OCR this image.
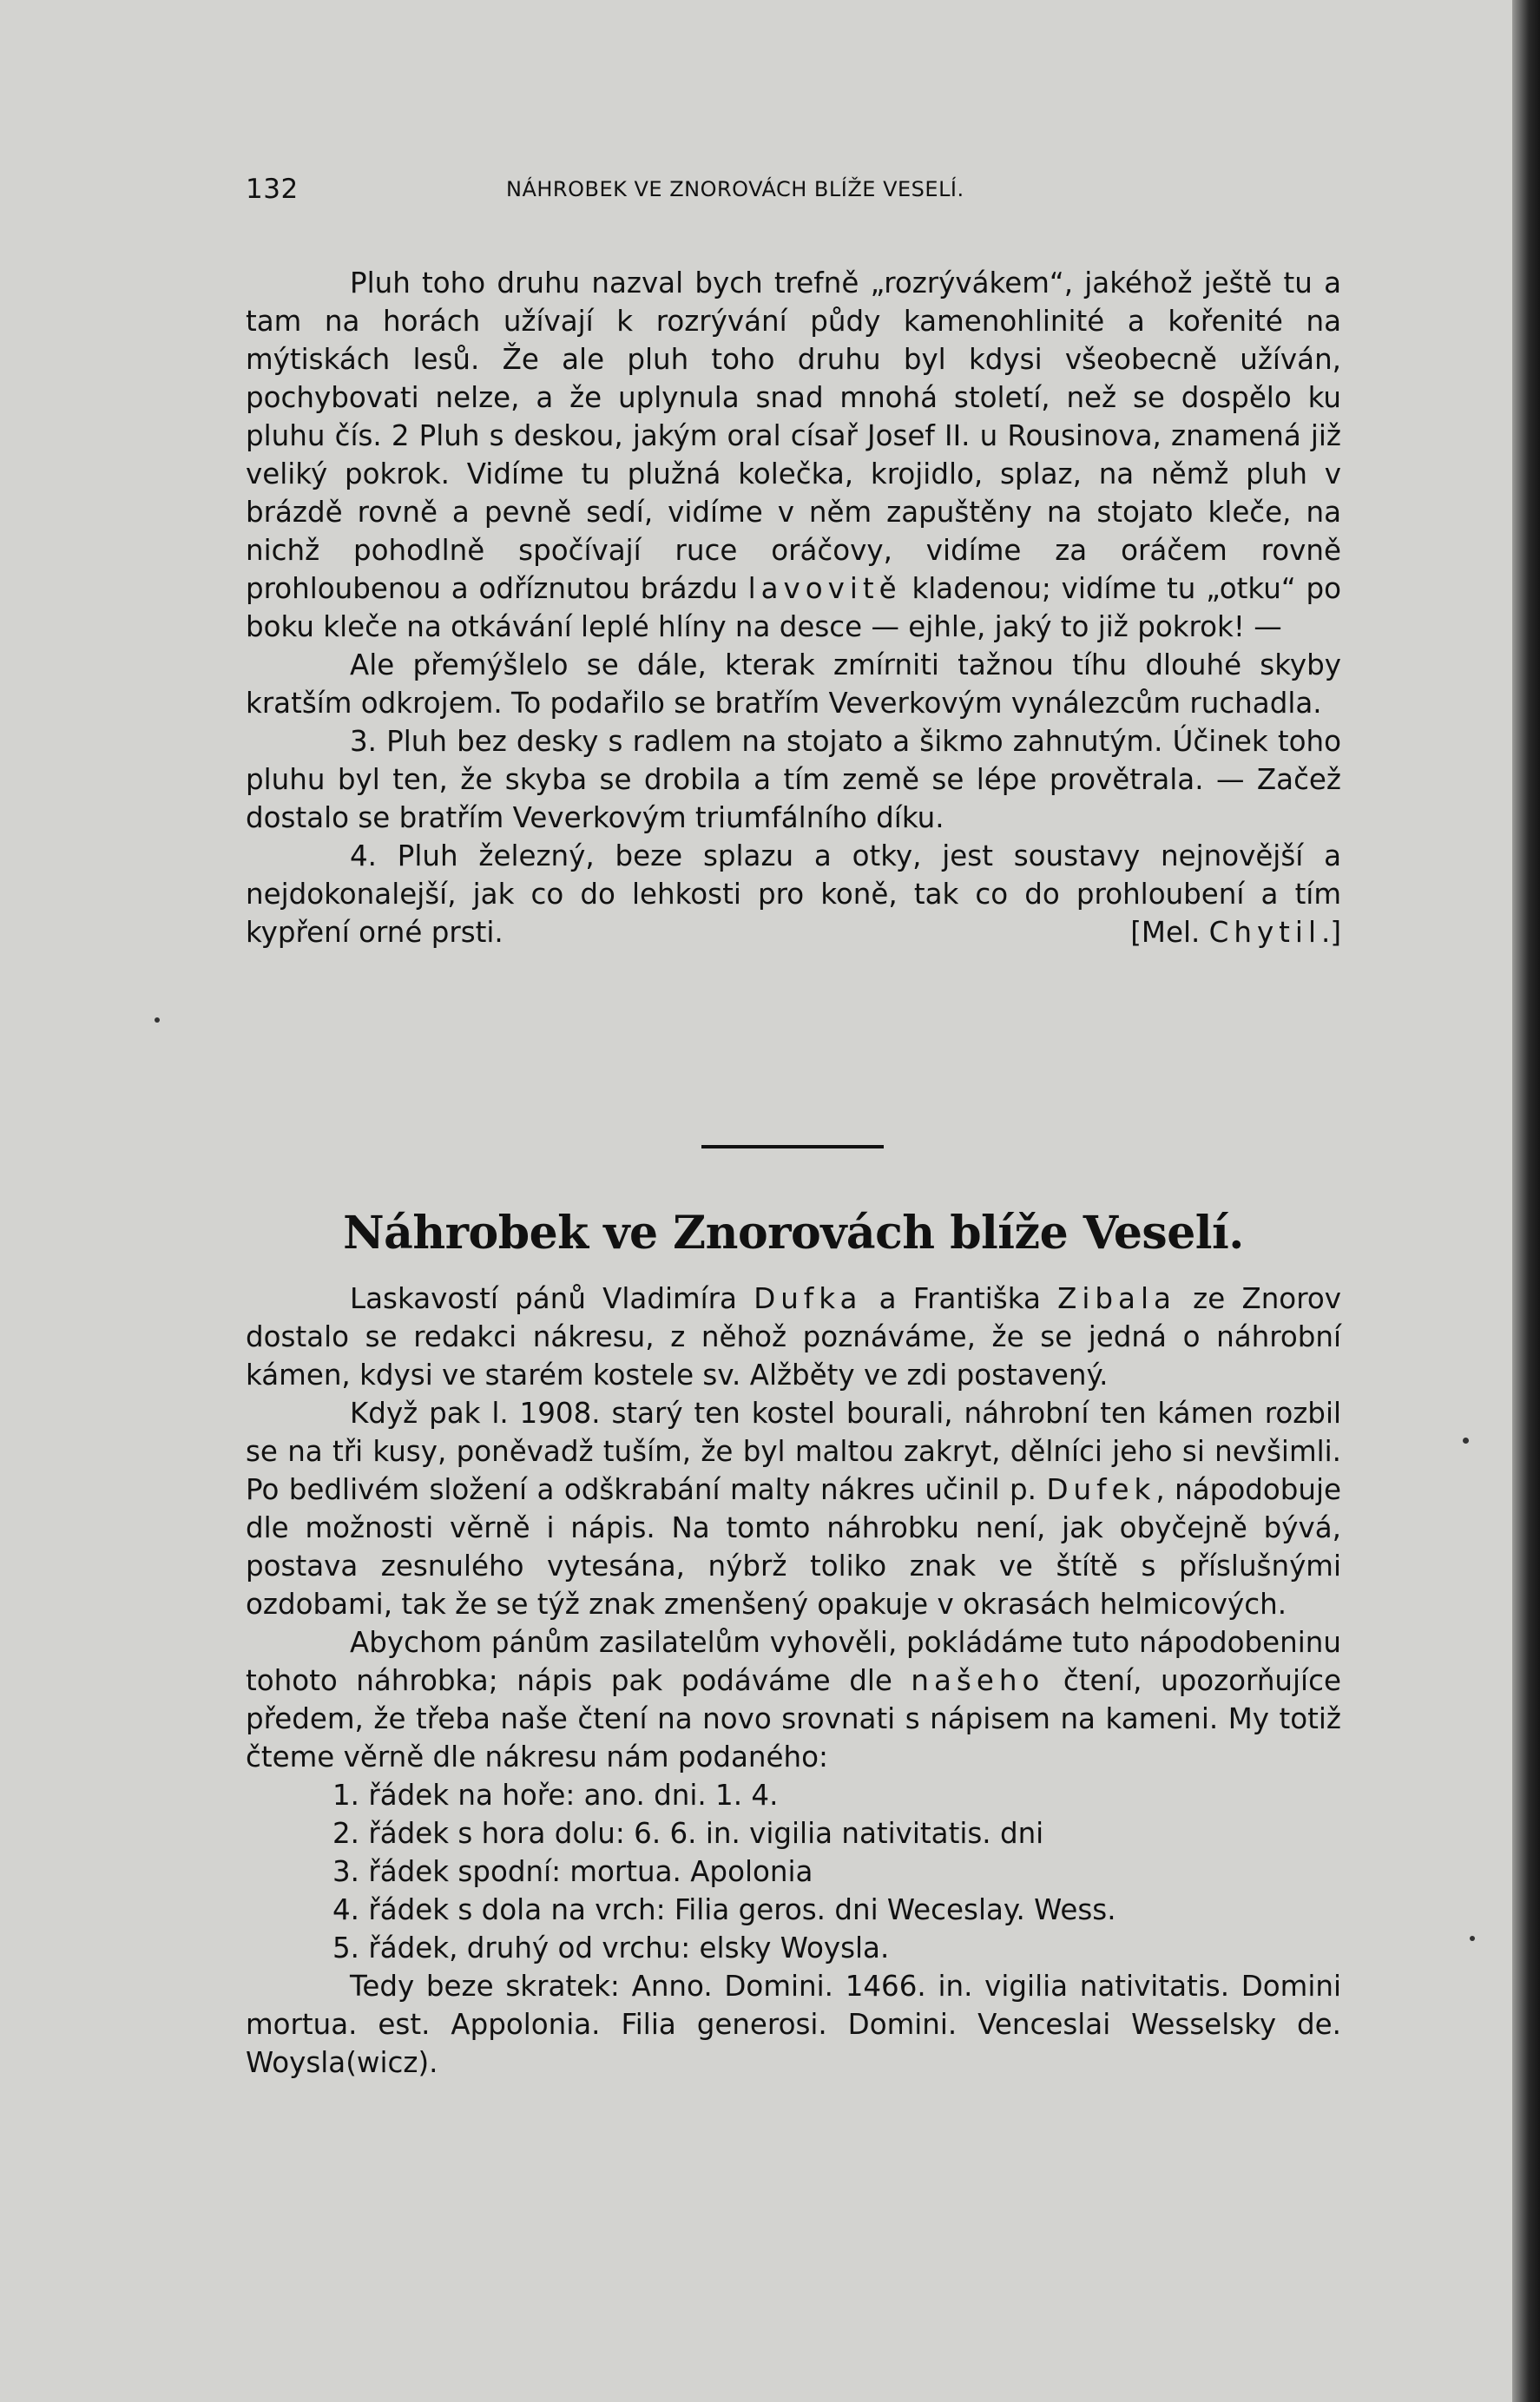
132	NÁHROBEK VE ZNOROVÁCH BLÍŽE VESELÍ.

Pluh toho druhu nazval bych trefně „rozrývákem“, jakéhož ještě tu a tam na horách užívají k rozrývání půdy kamenohlinité a kořenité na mýtiskách lesů. Že ale pluh toho druhu byl kdysi všeobecně užíván, pochybovati nelze, a že uplynula snad mnohá století, než se dospělo ku pluhu čís. 2 Pluh s deskou, jakým oral císař Josef II. u Rousinova, znamená již veliký pokrok. Vidíme tu plužná kolečka, krojidlo, splaz, na němž pluh v brázdě rovně a pevně sedí, vidíme v něm zapuštěny na stojato kleče, na nichž pohodlně spočívají ruce oráčovy, vidíme za oráčem rovně prohloubenou a odříznutou brázdu lavovitě kladenou; vidíme tu „otku“ po boku kleče na otkávání leplé hlíny na desce — ejhle, jaký to již pokrok! —

Ale přemýšlelo se dále, kterak zmírniti tažnou tíhu dlouhé skyby kratším odkrojem. To podařilo se bratřím Veverkovým vynálezcům ruchadla.

3. Pluh bez desky s radlem na stojato a šikmo zahnutým. Účinek toho pluhu byl ten, že skyba se drobila a tím země se lépe provětrala. — Začež dostalo se bratřím Veverkovým triumfálního díku.

4. Pluh železný, beze splazu a otky, jest soustavy nejnovější a nejdokonalejší, jak co do lehkosti pro koně, tak co do prohloubení a tím kypření orné prsti.	[Mel. Chytil.]

Náhrobek ve Znorovách blíže Veselí.

Laskavostí pánů Vladimíra Dufka a Františka Zibala ze Znorov dostalo se redakci nákresu, z něhož poznáváme, že se jedná o náhrobní kámen, kdysi ve starém kostele sv. Alžběty ve zdi postavený.

Když pak l. 1908. starý ten kostel bourali, náhrobní ten kámen rozbil se na tři kusy, poněvadž tuším, že byl maltou zakryt, dělníci jeho si nevšimli. Po bedlivém složení a odškrabání malty nákres učinil p. Dufek, nápodobuje dle možnosti věrně i nápis. Na tomto náhrobku není, jak obyčejně bývá, postava zesnulého vytesána, nýbrž toliko znak ve štítě s příslušnými ozdobami, tak že se týž znak zmenšený opakuje v okrasách helmicových.

Abychom pánům zasilatelům vyhověli, pokládáme tuto nápodobeninu tohoto náhrobka; nápis pak podáváme dle našeho čtení, upozorňujíce předem, že třeba naše čtení na novo srovnati s nápisem na kameni. My totiž čteme věrně dle nákresu nám podaného:

1. řádek na hoře: ano. dni. 1. 4.
2. řádek s hora dolu: 6. 6. in. vigilia nativitatis. dni
3. řádek spodní: mortua. Apolonia
4. řádek s dola na vrch: Filia geros. dni Weceslay. Wess.
5. řádek, druhý od vrchu: elsky Woysla.

Tedy beze skratek: Anno. Domini. 1466. in. vigilia nativitatis. Domini mortua. est. Appolonia. Filia generosi. Domini. Venceslai Wesselsky de. Woysla(wicz).
